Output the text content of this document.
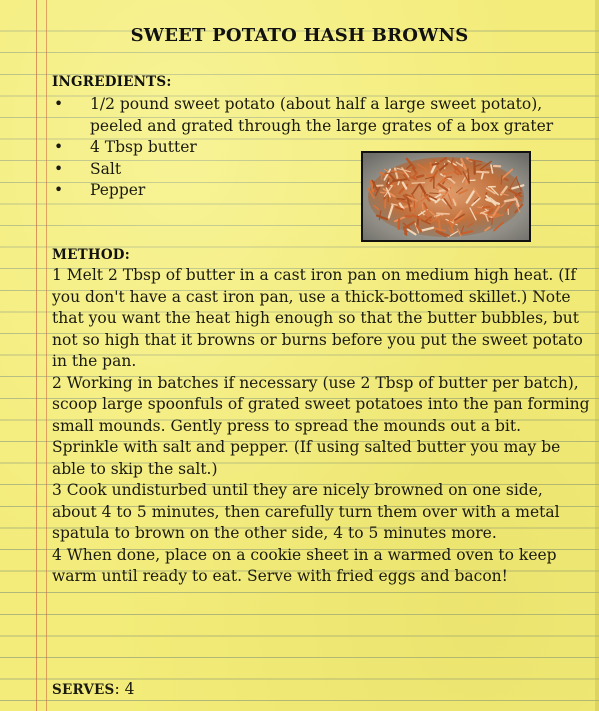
SWEET POTATO HASH BROWNS
INGREDIENTS:
• 1/2 pound sweet potato (about half a large sweet potato), peeled and grated through the large grates of a box grater
• 4 Tbsp butter
• Salt
• Pepper
METHOD:

1 Melt 2 Tbsp of butter in a cast iron pan on medium high heat. (If you don't have a cast iron pan, use a thick-bottomed skillet.) Note that you want the heat high enough so that the butter bubbles, but not so high that it browns or burns before you put the sweet potato in the pan.

2 Working in batches if necessary (use 2 Tbsp of butter per batch), scoop large spoonfuls of grated sweet potatoes into the pan forming small mounds. Gently press to spread the mounds out a bit. Sprinkle with salt and pepper. (If using salted butter you may be able to skip the salt.)

3 Cook undisturbed until they are nicely browned on one side, about 4 to 5 minutes, then carefully turn them over with a metal spatula to brown on the other side, 4 to 5 minutes more.

4 When done, place on a cookie sheet in a warmed oven to keep warm until ready to eat. Serve with fried eggs and bacon!

SERVES: 4
